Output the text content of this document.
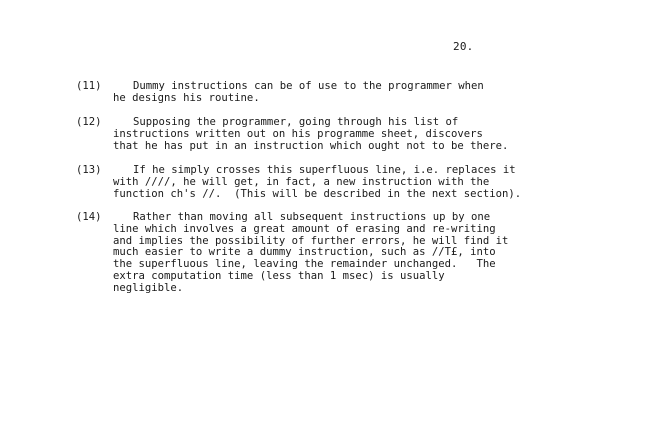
20.
(11)	Dummy instructions can be of use to the programmer when
he designs his routine.
(12)	Supposing the programmer, going through his list of
instructions written out on his programme sheet, discovers
that he has put in an instruction which ought not to be there.
(13)	If he simply crosses this superfluous line, i.e. replaces it
with ////, he will get, in fact, a new instruction with the
function ch's //.  (This will be described in the next section).
(14)	Rather than moving all subsequent instructions up by one
line which involves a great amount of erasing and re-writing
and implies the possibility of further errors, he will find it
much easier to write a dummy instruction, such as //T£, into
the superfluous line, leaving the remainder unchanged.   The
extra computation time (less than 1 msec) is usually
negligible.
